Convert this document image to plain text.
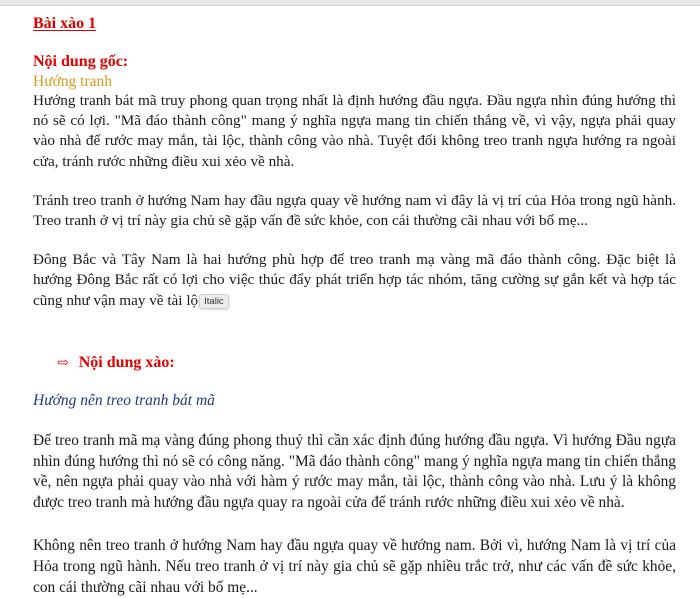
Bài xào 1
Nội dung gốc:
Hướng tranh

Hướng tranh bát mã truy phong quan trọng nhất là định hướng đầu ngựa. Đầu ngựa nhìn đúng hướng thì nó sẽ có lợi. "Mã đáo thành công" mang ý nghĩa ngựa mang tin chiến thắng về, vì vậy, ngựa phải quay vào nhà để rước may mắn, tài lộc, thành công vào nhà. Tuyệt đối không treo tranh ngựa hướng ra ngoài cửa, tránh rước những điều xui xẻo về nhà.

Tránh treo tranh ở hướng Nam hay đầu ngựa quay về hướng nam vì đây là vị trí của Hỏa trong ngũ hành. Treo tranh ở vị trí này gia chủ sẽ gặp vấn đề sức khỏe, con cái thường cãi nhau với bố mẹ...

Đông Bắc và Tây Nam là hai hướng phù hợp để treo tranh mạ vàng mã đáo thành công. Đặc biệt là hướng Đông Bắc rất có lợi cho việc thúc đẩy phát triển hợp tác nhóm, tăng cường sự gắn kết và hợp tác cũng như vận may về tài lộ Italic

⇨ Nội dung xào:
Hướng nên treo tranh bát mã

Để treo tranh mã mạ vàng đúng phong thuỷ thì cần xác định đúng hướng đầu ngựa. Vì hướng Đầu ngựa nhìn đúng hướng thì nó sẽ có công năng. "Mã đáo thành công" mang ý nghĩa ngựa mang tin chiến thắng về, nên ngựa phải quay vào nhà với hàm ý rước may mắn, tài lộc, thành công vào nhà. Lưu ý là không được treo tranh mà hướng đầu ngựa quay ra ngoài cửa để tránh rước những điều xui xẻo về nhà.

Không nên treo tranh ở hướng Nam hay đầu ngựa quay về hướng nam. Bởi vì, hướng Nam là vị trí của Hỏa trong ngũ hành. Nếu treo tranh ở vị trí này gia chủ sẽ gặp nhiều trắc trở, như các vấn đề sức khỏe, con cái thường cãi nhau với bố mẹ...
